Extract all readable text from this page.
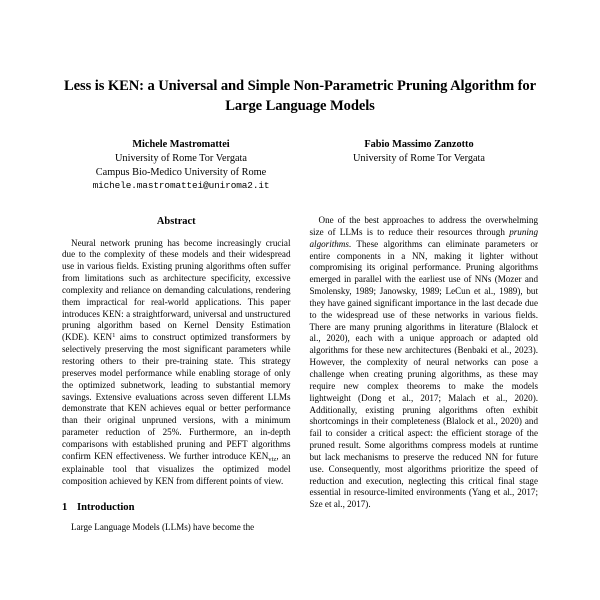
Less is KEN: a Universal and Simple Non-Parametric Pruning Algorithm for Large Language Models
Michele Mastromattei
University of Rome Tor Vergata
Campus Bio-Medico University of Rome
michele.mastromattei@uniroma2.it
Fabio Massimo Zanzotto
University of Rome Tor Vergata
Abstract

Neural network pruning has become increasingly crucial due to the complexity of these models and their widespread use in various fields. Existing pruning algorithms often suffer from limitations such as architecture specificity, excessive complexity and reliance on demanding calculations, rendering them impractical for real-world applications. This paper introduces KEN: a straightforward, universal and unstructured pruning algorithm based on Kernel Density Estimation (KDE). KEN$^1$ aims to construct optimized transformers by selectively preserving the most significant parameters while restoring others to their pre-training state. This strategy preserves model performance while enabling storage of only the optimized subnetwork, leading to substantial memory savings. Extensive evaluations across seven different LLMs demonstrate that KEN achieves equal or better performance than their original unpruned versions, with a minimum parameter reduction of 25%. Furthermore, an in-depth comparisons with established pruning and PEFT algorithms confirm KEN effectiveness. We further introduce $KEN_{viz}$, an explainable tool that visualizes the optimized model composition achieved by KEN from different points of view.

1 Introduction

Large Language Models (LLMs) have become the

One of the best approaches to address the overwhelming size of LLMs is to reduce their resources through pruning algorithms. These algorithms can eliminate parameters or entire components in a NN, making it lighter without compromising its original performance. Pruning algorithms emerged in parallel with the earliest use of NNs (Mozer and Smolensky, 1989; Janowsky, 1989; LeCun et al., 1989), but they have gained significant importance in the last decade due to the widespread use of these networks in various fields. There are many pruning algorithms in literature (Blalock et al., 2020), each with a unique approach or adapted old algorithms for these new architectures (Benbaki et al., 2023). However, the complexity of neural networks can pose a challenge when creating pruning algorithms, as these may require new complex theorems to make the models lightweight (Dong et al., 2017; Malach et al., 2020). Additionally, existing pruning algorithms often exhibit shortcomings in their completeness (Blalock et al., 2020) and fail to consider a critical aspect: the efficient storage of the pruned result. Some algorithms compress models at runtime but lack mechanisms to preserve the reduced NN for future use. Consequently, most algorithms prioritize the speed of reduction and execution, neglecting this critical final stage essential in resource-limited environments (Yang et al., 2017; Sze et al., 2017).
